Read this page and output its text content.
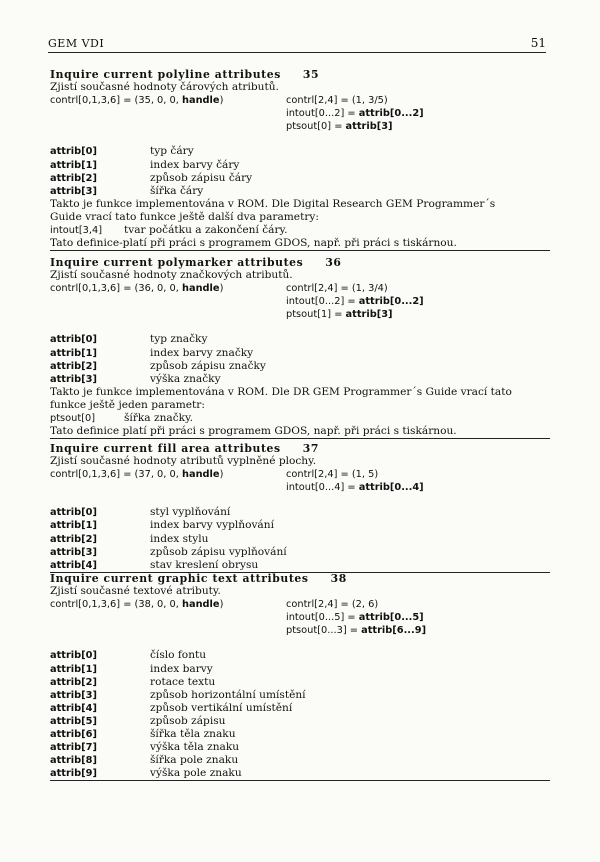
GEM VDI	51
Inquire current polyline attributes 35

Zjistí současné hodnoty čárových atributů.

contrl[0,1,3,6] = (35, 0, 0, handle)	contrl[2,4] = (1, 3/5)
intout[0...2] = attrib[0...2]
ptsout[0] = attrib[3]
attrib[0]	typ čáry
attrib[1]	index barvy čáry
attrib[2]	způsob zápisu čáry
attrib[3]	šířka čáry

Takto je funkce implementována v ROM. Dle Digital Research GEM Programmer´s

Guide vrací tato funkce ještě další dva parametry:

intout[3,4] tvar počátku a zakončení čáry.

Tato definice-platí při práci s programem GDOS, např. při práci s tiskárnou.

Inquire current polymarker attributes 36

Zjistí současné hodnoty značkových atributů.

contrl[0,1,3,6] = (36, 0, 0, handle)	contrl[2,4] = (1, 3/4)
intout[0...2] = attrib[0...2]
ptsout[1] = attrib[3]
attrib[0]	typ značky
attrib[1]	index barvy značky
attrib[2]	způsob zápisu značky
attrib[3]	výška značky

Takto je funkce implementována v ROM. Dle DR GEM Programmer´s Guide vrací tato

funkce ještě jeden parametr:

ptsout[0]	šířka značky.

Tato definice platí při práci s programem GDOS, např. při práci s tiskárnou.

Inquire current fill area attributes 37

Zjistí současné hodnoty atributů vyplněné plochy.

contrl[0,1,3,6] = (37, 0, 0, handle)	contrl[2,4] = (1, 5)
intout[0...4] = attrib[0...4]
attrib[0]	styl vyplňování
attrib[1]	index barvy vyplňování
attrib[2]	index stylu
attrib[3]	způsob zápisu vyplňování
attrib[4]	stav kreslení obrysu
Inquire current graphic text attributes 38

Zjistí současné textové atributy.

contrl[0,1,3,6] = (38, 0, 0, handle)	contrl[2,4] = (2, 6)
intout[0...5] = attrib[0...5]
ptsout[0...3] = attrib[6...9]
attrib[0]	číslo fontu
attrib[1]	index barvy
attrib[2]	rotace textu
attrib[3]	způsob horizontální umístění
attrib[4]	způsob vertikální umístění
attrib[5]	způsob zápisu
attrib[6]	šířka těla znaku
attrib[7]	výška těla znaku
attrib[8]	šířka pole znaku
attrib[9]	výška pole znaku
